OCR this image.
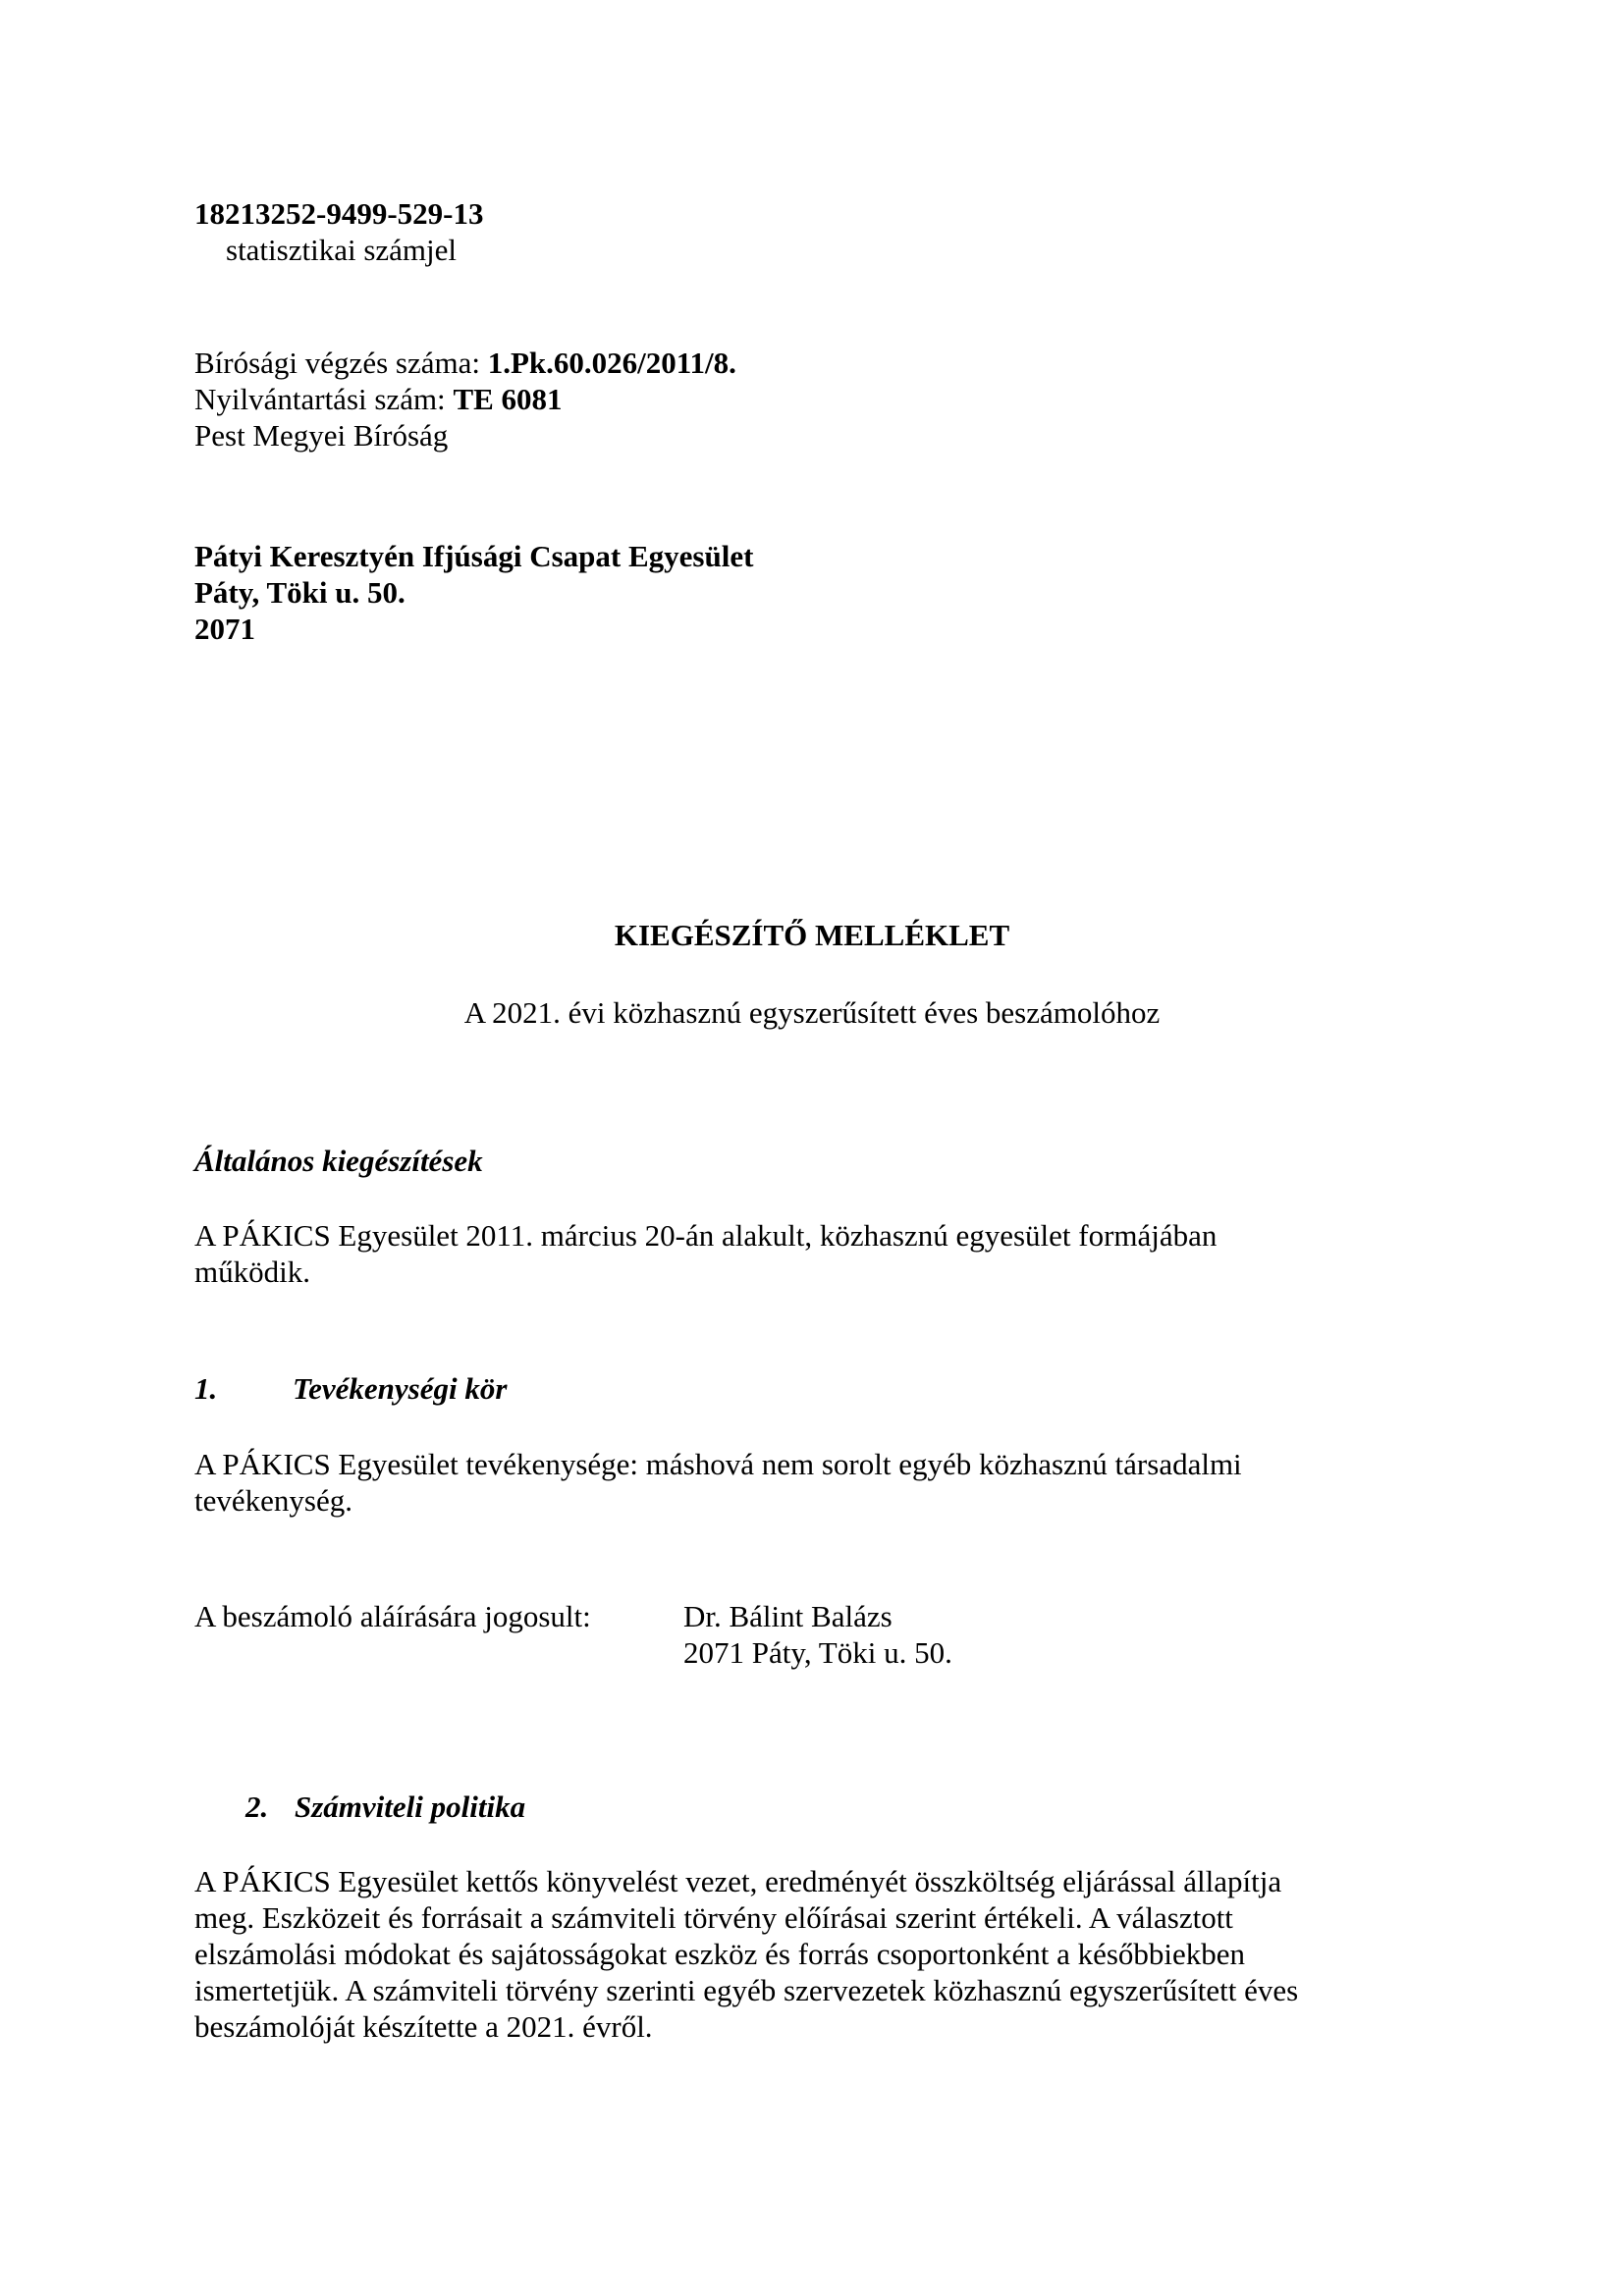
18213252-9499-529-13
statisztikai számjel
Bírósági végzés száma: 1.Pk.60.026/2011/8.
Nyilvántartási szám: TE 6081
Pest Megyei Bíróság
Pátyi Keresztyén Ifjúsági Csapat Egyesület
Páty, Töki u. 50.
2071
KIEGÉSZÍTŐ MELLÉKLET
A 2021. évi közhasznú egyszerűsített éves beszámolóhoz
Általános kiegészítések
A PÁKICS Egyesület 2011. március 20-án alakult, közhasznú egyesület formájában
működik.
1. Tevékenységi kör
A PÁKICS Egyesület tevékenysége: máshová nem sorolt egyéb közhasznú társadalmi
tevékenység.
A beszámoló aláírására jogosult:	Dr. Bálint Balázs
2071 Páty, Töki u. 50.
2. Számviteli politika
A PÁKICS Egyesület kettős könyvelést vezet, eredményét összköltség eljárással állapítja
meg. Eszközeit és forrásait a számviteli törvény előírásai szerint értékeli. A választott
elszámolási módokat és sajátosságokat eszköz és forrás csoportonként a későbbiekben
ismertetjük. A számviteli törvény szerinti egyéb szervezetek közhasznú egyszerűsített éves
beszámolóját készítette a 2021. évről.
